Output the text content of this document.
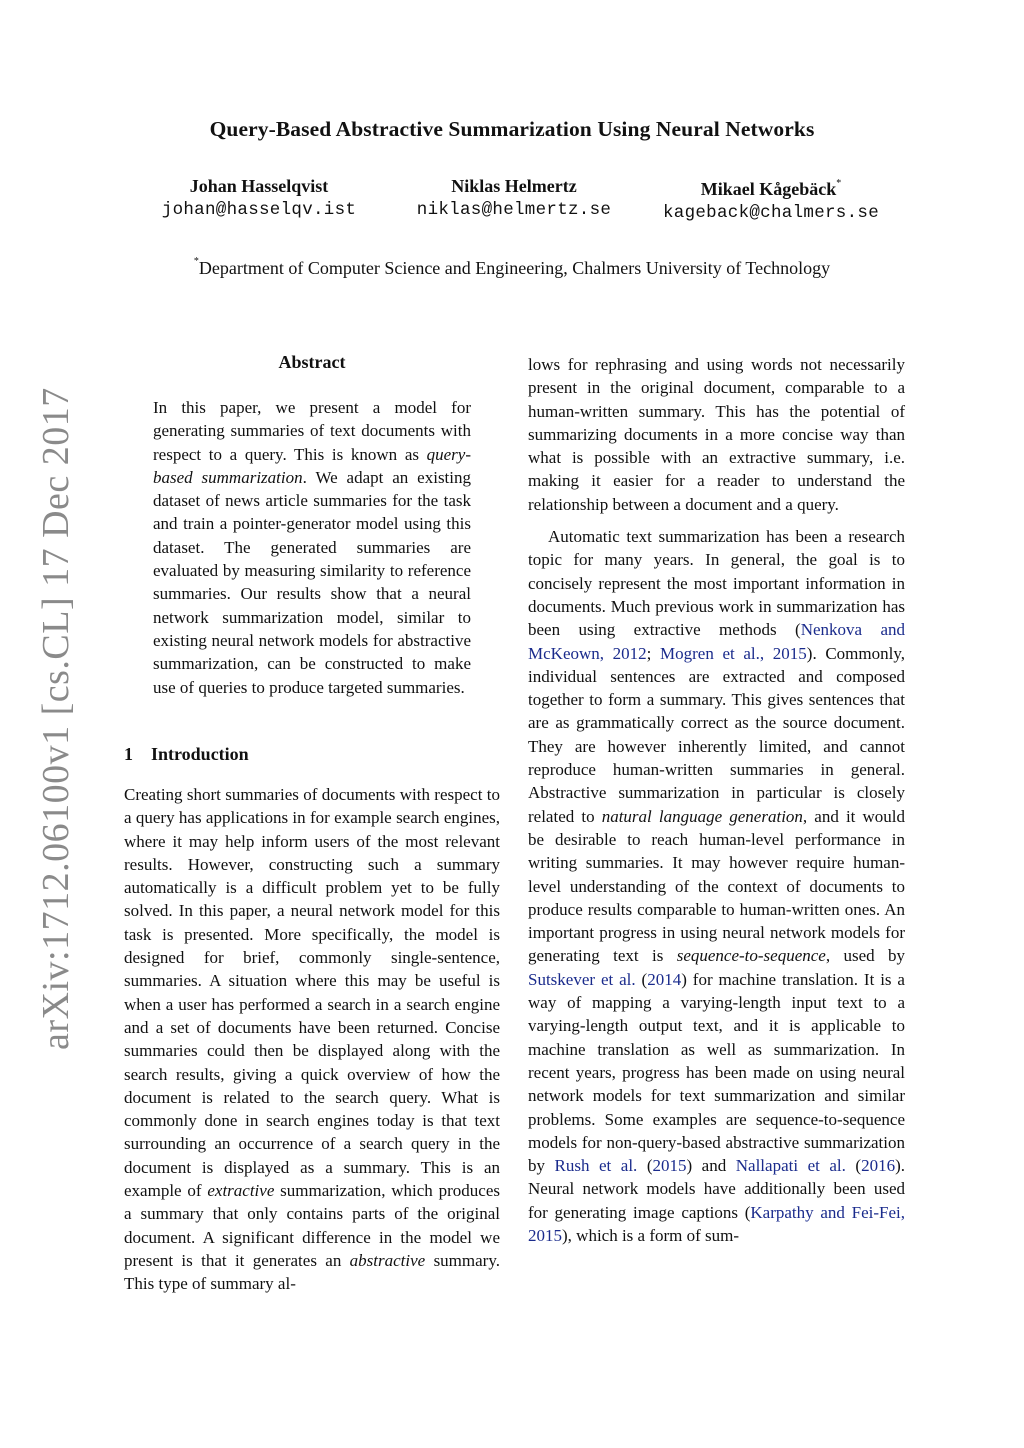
arXiv:1712.06100v1 [cs.CL] 17 Dec 2017
Query-Based Abstractive Summarization Using Neural Networks
Johan Hasselqvist
johan@hasselqv.ist
Niklas Helmertz
niklas@helmertz.se
Mikael Kågebäck*
kageback@chalmers.se
*Department of Computer Science and Engineering, Chalmers University of Technology
Abstract

In this paper, we present a model for generating summaries of text documents with respect to a query. This is known as query-based summarization. We adapt an existing dataset of news article summaries for the task and train a pointer-generator model using this dataset. The generated summaries are evaluated by measuring similarity to reference summaries. Our results show that a neural network summarization model, similar to existing neural network models for abstractive summarization, can be constructed to make use of queries to produce targeted summaries.

1 Introduction

Creating short summaries of documents with respect to a query has applications in for example search engines, where it may help inform users of the most relevant results. However, constructing such a summary automatically is a difficult problem yet to be fully solved. In this paper, a neural network model for this task is presented. More specifically, the model is designed for brief, commonly single-sentence, summaries. A situation where this may be useful is when a user has performed a search in a search engine and a set of documents have been returned. Concise summaries could then be displayed along with the search results, giving a quick overview of how the document is related to the search query. What is commonly done in search engines today is that text surrounding an occurrence of a search query in the document is displayed as a summary. This is an example of extractive summarization, which produces a summary that only contains parts of the original document. A significant difference in the model we present is that it generates an abstractive summary. This type of summary al-

lows for rephrasing and using words not necessarily present in the original document, comparable to a human-written summary. This has the potential of summarizing documents in a more concise way than what is possible with an extractive summary, i.e. making it easier for a reader to understand the relationship between a document and a query.

Automatic text summarization has been a research topic for many years. In general, the goal is to concisely represent the most important information in documents. Much previous work in summarization has been using extractive methods (Nenkova and McKeown, 2012; Mogren et al., 2015). Commonly, individual sentences are extracted and composed together to form a summary. This gives sentences that are as grammatically correct as the source document. They are however inherently limited, and cannot reproduce human-written summaries in general. Abstractive summarization in particular is closely related to natural language generation, and it would be desirable to reach human-level performance in writing summaries. It may however require human-level understanding of the context of documents to produce results comparable to human-written ones. An important progress in using neural network models for generating text is sequence-to-sequence, used by Sutskever et al. (2014) for machine translation. It is a way of mapping a varying-length input text to a varying-length output text, and it is applicable to machine translation as well as summarization. In recent years, progress has been made on using neural network models for text summarization and similar problems. Some examples are sequence-to-sequence models for non-query-based abstractive summarization by Rush et al. (2015) and Nallapati et al. (2016). Neural network models have additionally been used for generating image captions (Karpathy and Fei-Fei, 2015), which is a form of sum-
